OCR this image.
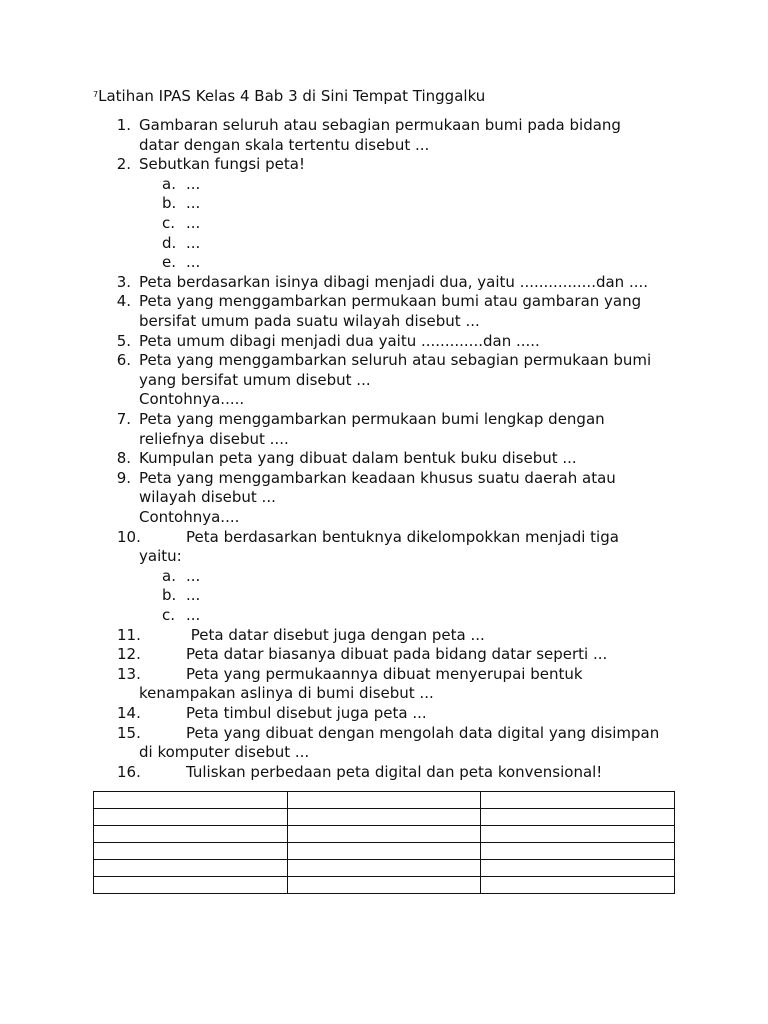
$^7$Latihan IPAS Kelas 4 Bab 3 di Sini Tempat Tinggalku
1. Gambaran seluruh atau sebagian permukaan bumi pada bidang
datar dengan skala tertentu disebut ...
2. Sebutkan fungsi peta!
a. ...
b. ...
c. ...
d. ...
e. ...
3. Peta berdasarkan isinya dibagi menjadi dua, yaitu ................dan ....
4. Peta yang menggambarkan permukaan bumi atau gambaran yang
bersifat umum pada suatu wilayah disebut ...
5. Peta umum dibagi menjadi dua yaitu .............dan .....
6. Peta yang menggambarkan seluruh atau sebagian permukaan bumi
yang bersifat umum disebut ...
Contohnya.....
7. Peta yang menggambarkan permukaan bumi lengkap dengan
reliefnya disebut ....
8. Kumpulan peta yang dibuat dalam bentuk buku disebut ...
9. Peta yang menggambarkan keadaan khusus suatu daerah atau
wilayah disebut ...
Contohnya....
10.	Peta berdasarkan bentuknya dikelompokkan menjadi tiga
yaitu:
a. ...
b. ...
c. ...
11.	Peta datar disebut juga dengan peta ...
12.	Peta datar biasanya dibuat pada bidang datar seperti ...
13.	Peta yang permukaannya dibuat menyerupai bentuk
kenampakan aslinya di bumi disebut ...
14.	Peta timbul disebut juga peta ...
15.	Peta yang dibuat dengan mengolah data digital yang disimpan
di komputer disebut ...
16.	Tuliskan perbedaan peta digital dan peta konvensional!
